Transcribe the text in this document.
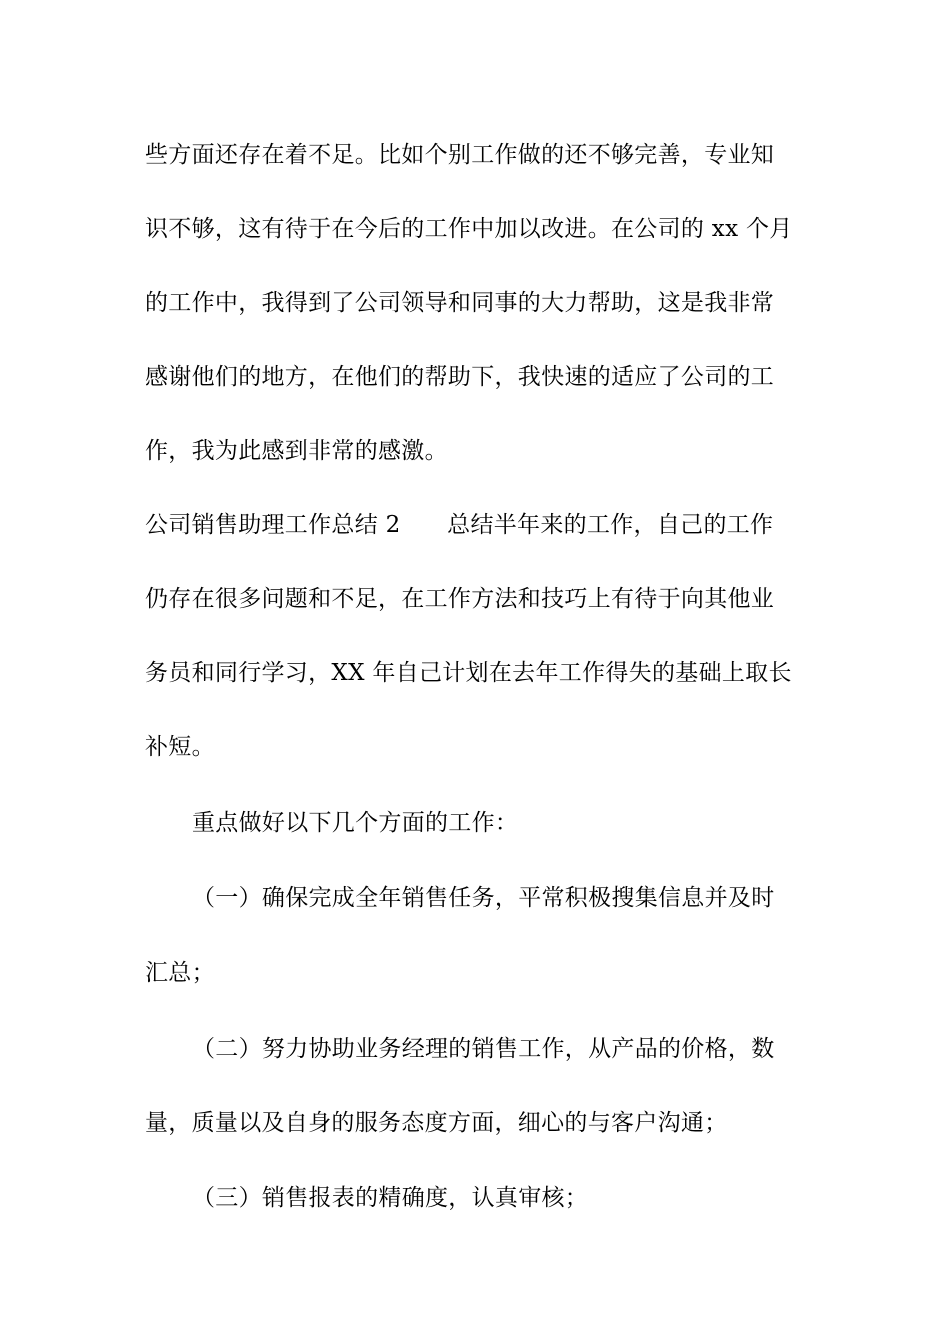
些方面还存在着不足。比如个别工作做的还不够完善，专业知
识不够，这有待于在今后的工作中加以改进。在公司的 xx 个月
的工作中，我得到了公司领导和同事的大力帮助，这是我非常
感谢他们的地方，在他们的帮助下，我快速的适应了公司的工
作，我为此感到非常的感激。
公司销售助理工作总结 2　　总结半年来的工作，自己的工作
仍存在很多问题和不足，在工作方法和技巧上有待于向其他业
务员和同行学习，XX 年自己计划在去年工作得失的基础上取长
补短。
重点做好以下几个方面的工作：
（一）确保完成全年销售任务，平常积极搜集信息并及时
汇总；
（二）努力协助业务经理的销售工作，从产品的价格，数
量，质量以及自身的服务态度方面，细心的与客户沟通；
（三）销售报表的精确度，认真审核；
